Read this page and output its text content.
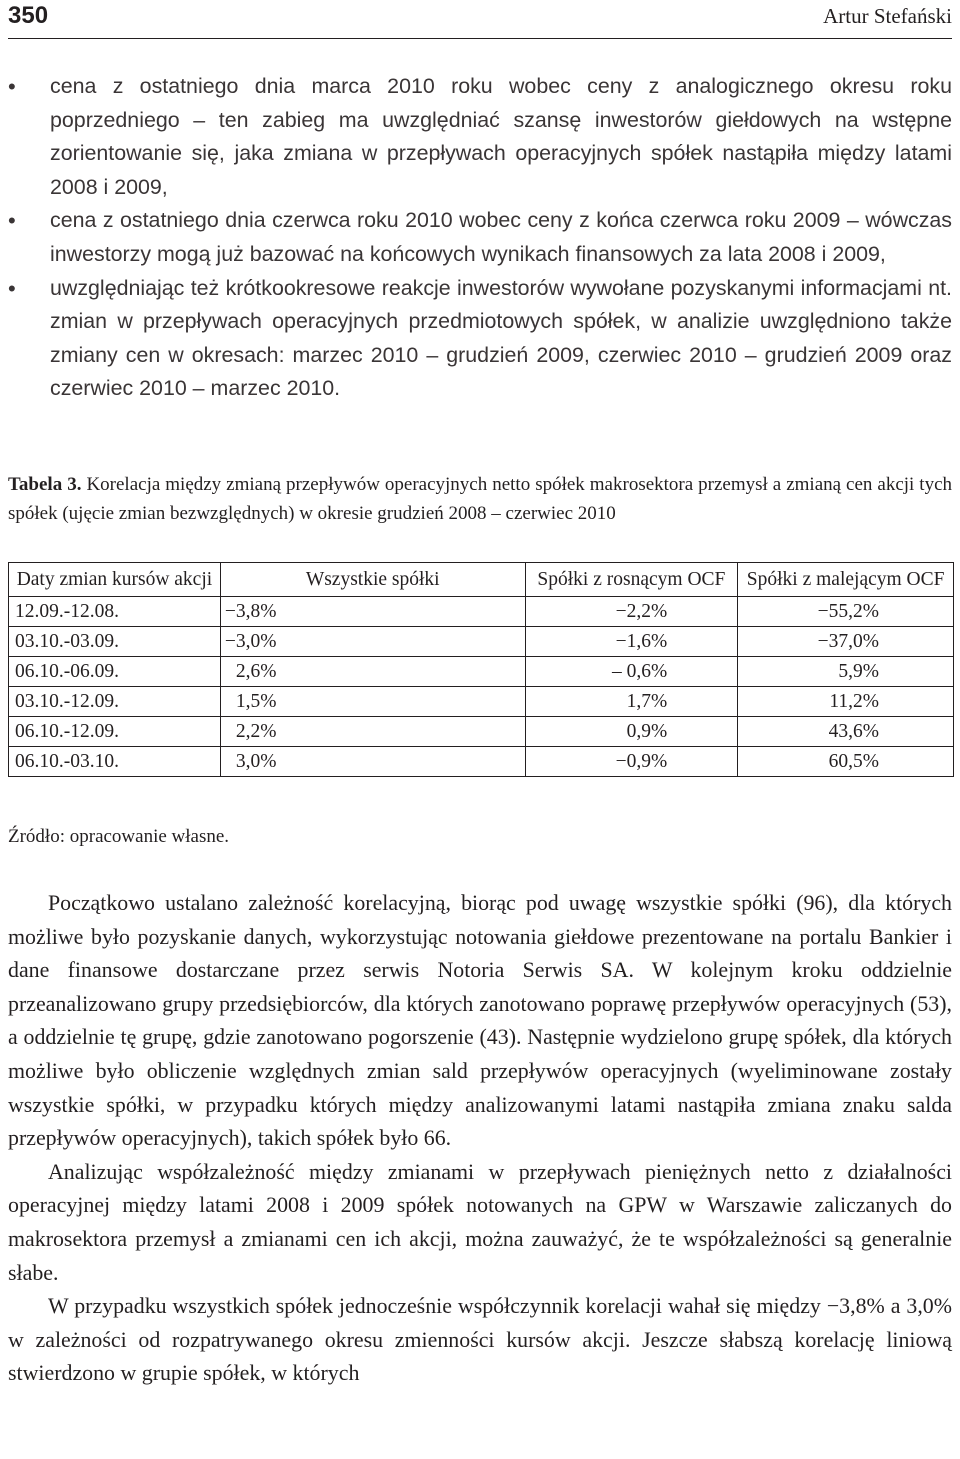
350	Artur Stefański
• cena z ostatniego dnia marca 2010 roku wobec ceny z analogicznego okresu roku poprzedniego – ten zabieg ma uwzględniać szansę inwestorów giełdowych na wstępne zorientowanie się, jaka zmiana w przepływach operacyjnych spółek nastąpiła między latami 2008 i 2009,
• cena z ostatniego dnia czerwca roku 2010 wobec ceny z końca czerwca roku 2009 – wówczas inwestorzy mogą już bazować na końcowych wynikach finansowych za lata 2008 i 2009,
• uwzględniając też krótkookresowe reakcje inwestorów wywołane pozyskanymi informacjami nt. zmian w przepływach operacyjnych przedmiotowych spółek, w analizie uwzględniono także zmiany cen w okresach: marzec 2010 – grudzień 2009, czerwiec 2010 – grudzień 2009 oraz czerwiec 2010 – marzec 2010.
Tabela 3. Korelacja między zmianą przepływów operacyjnych netto spółek makrosektora przemysł a zmianą cen akcji tych spółek (ujęcie zmian bezwzględnych) w okresie grudzień 2008 – czerwiec 2010
Daty zmian kursów akcji	Wszystkie spółki	Spółki z rosnącym OCF	Spółki z malejącym OCF
12.09.-12.08.	−3,8%	−2,2%	−55,2%
03.10.-03.09.	−3,0%	−1,6%	−37,0%
06.10.-06.09.	2,6%	– 0,6%	5,9%
03.10.-12.09.	1,5%	1,7%	11,2%
06.10.-12.09.	2,2%	0,9%	43,6%
06.10.-03.10.	3,0%	−0,9%	60,5%
Źródło: opracowanie własne.

Początkowo ustalano zależność korelacyjną, biorąc pod uwagę wszystkie spółki (96), dla których możliwe było pozyskanie danych, wykorzystując notowania giełdowe prezentowane na portalu Bankier i dane finansowe dostarczane przez serwis Notoria Serwis SA. W kolejnym kroku oddzielnie przeanalizowano grupy przedsiębiorców, dla których zanotowano poprawę przepływów operacyjnych (53), a oddzielnie tę grupę, gdzie zanotowano pogorszenie (43). Następnie wydzielono grupę spółek, dla których możliwe było obliczenie względnych zmian sald przepływów operacyjnych (wyeliminowane zostały wszystkie spółki, w przypadku których między analizowanymi latami nastąpiła zmiana znaku salda przepływów operacyjnych), takich spółek było 66.

Analizując współzależność między zmianami w przepływach pieniężnych netto z działalności operacyjnej między latami 2008 i 2009 spółek notowanych na GPW w Warszawie zaliczanych do makrosektora przemysł a zmianami cen ich akcji, można zauważyć, że te współzależności są generalnie słabe.

W przypadku wszystkich spółek jednocześnie współczynnik korelacji wahał się między −3,8% a 3,0% w zależności od rozpatrywanego okresu zmienności kursów akcji. Jeszcze słabszą korelację liniową stwierdzono w grupie spółek, w których
